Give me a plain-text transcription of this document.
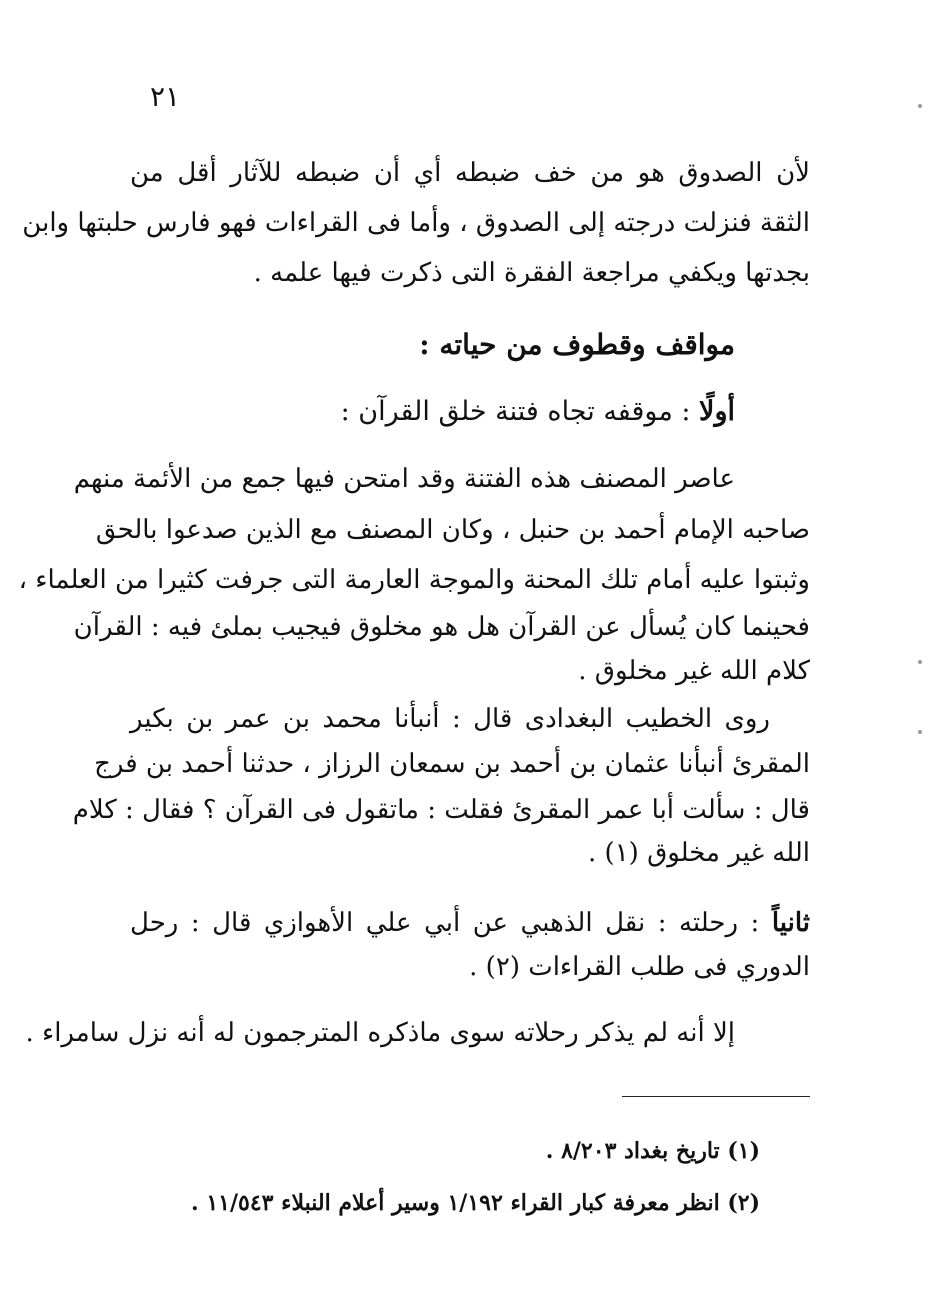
٢١
لأن الصدوق هو من خف ضبطه أي أن ضبطه للآثار أقل من
الثقة فنزلت درجته إلى الصدوق ، وأما فى القراءات فهو فارس حلبتها وابن
بجدتها ويكفي مراجعة الفقرة التى ذكرت فيها علمه .
مواقف وقطوف من حياته :
أولًا : موقفه تجاه فتنة خلق القرآن :
عاصر المصنف هذه الفتنة وقد امتحن فيها جمع من الأئمة منهم
صاحبه الإمام أحمد بن حنبل ، وكان المصنف مع الذين صدعوا بالحق
وثبتوا عليه أمام تلك المحنة والموجة العارمة التى جرفت كثيرا من العلماء ،
فحينما كان يُسأل عن القرآن هل هو مخلوق فيجيب بملئ فيه : القرآن
كلام الله غير مخلوق .
روى الخطيب البغدادى قال : أنبأنا محمد بن عمر بن بكير
المقرئ أنبأنا عثمان بن أحمد بن سمعان الرزاز ، حدثنا أحمد بن فرج
قال : سألت أبا عمر المقرئ فقلت : ماتقول فى القرآن ؟ فقال : كلام
الله غير مخلوق (١) .
ثانياً : رحلته : نقل الذهبي عن أبي علي الأهوازي قال : رحل
الدوري فى طلب القراءات (٢) .
إلا أنه لم يذكر رحلاته سوى ماذكره المترجمون له أنه نزل سامراء .
(١) تاريخ بغداد ٨/٢٠٣ .
(٢) انظر معرفة كبار القراء ١/١٩٢ وسير أعلام النبلاء ١١/٥٤٣ .
